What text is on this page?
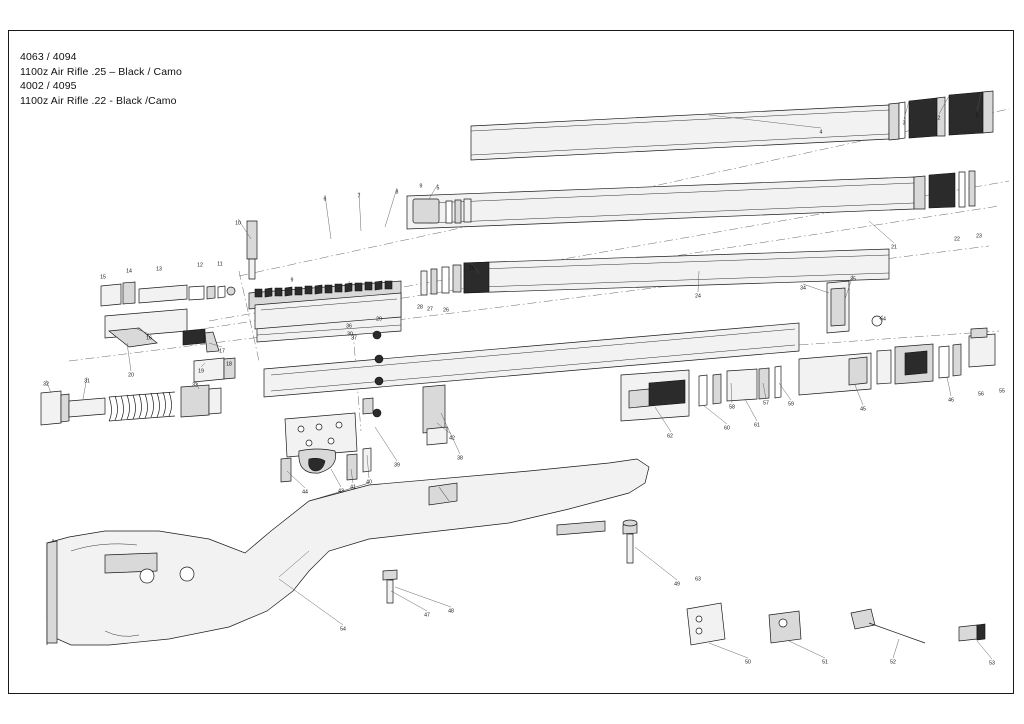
1
2
3
4
5
6	7
8
9
10
11
12
13
14
15	9
16
17
18
19
20
21
22	23
24
25
26
27
28
29
30
31
32	33
34
35
36
37
38
39
40
41
42
43
44
45
46
47
48
49
50	51	52	53
54
55
56
57
58	59
60	61
62
63
64
4063 / 4094
1100z Air Rifle .25 – Black / Camo
4002 / 4095
1100z Air Rifle .22 - Black /Camo
